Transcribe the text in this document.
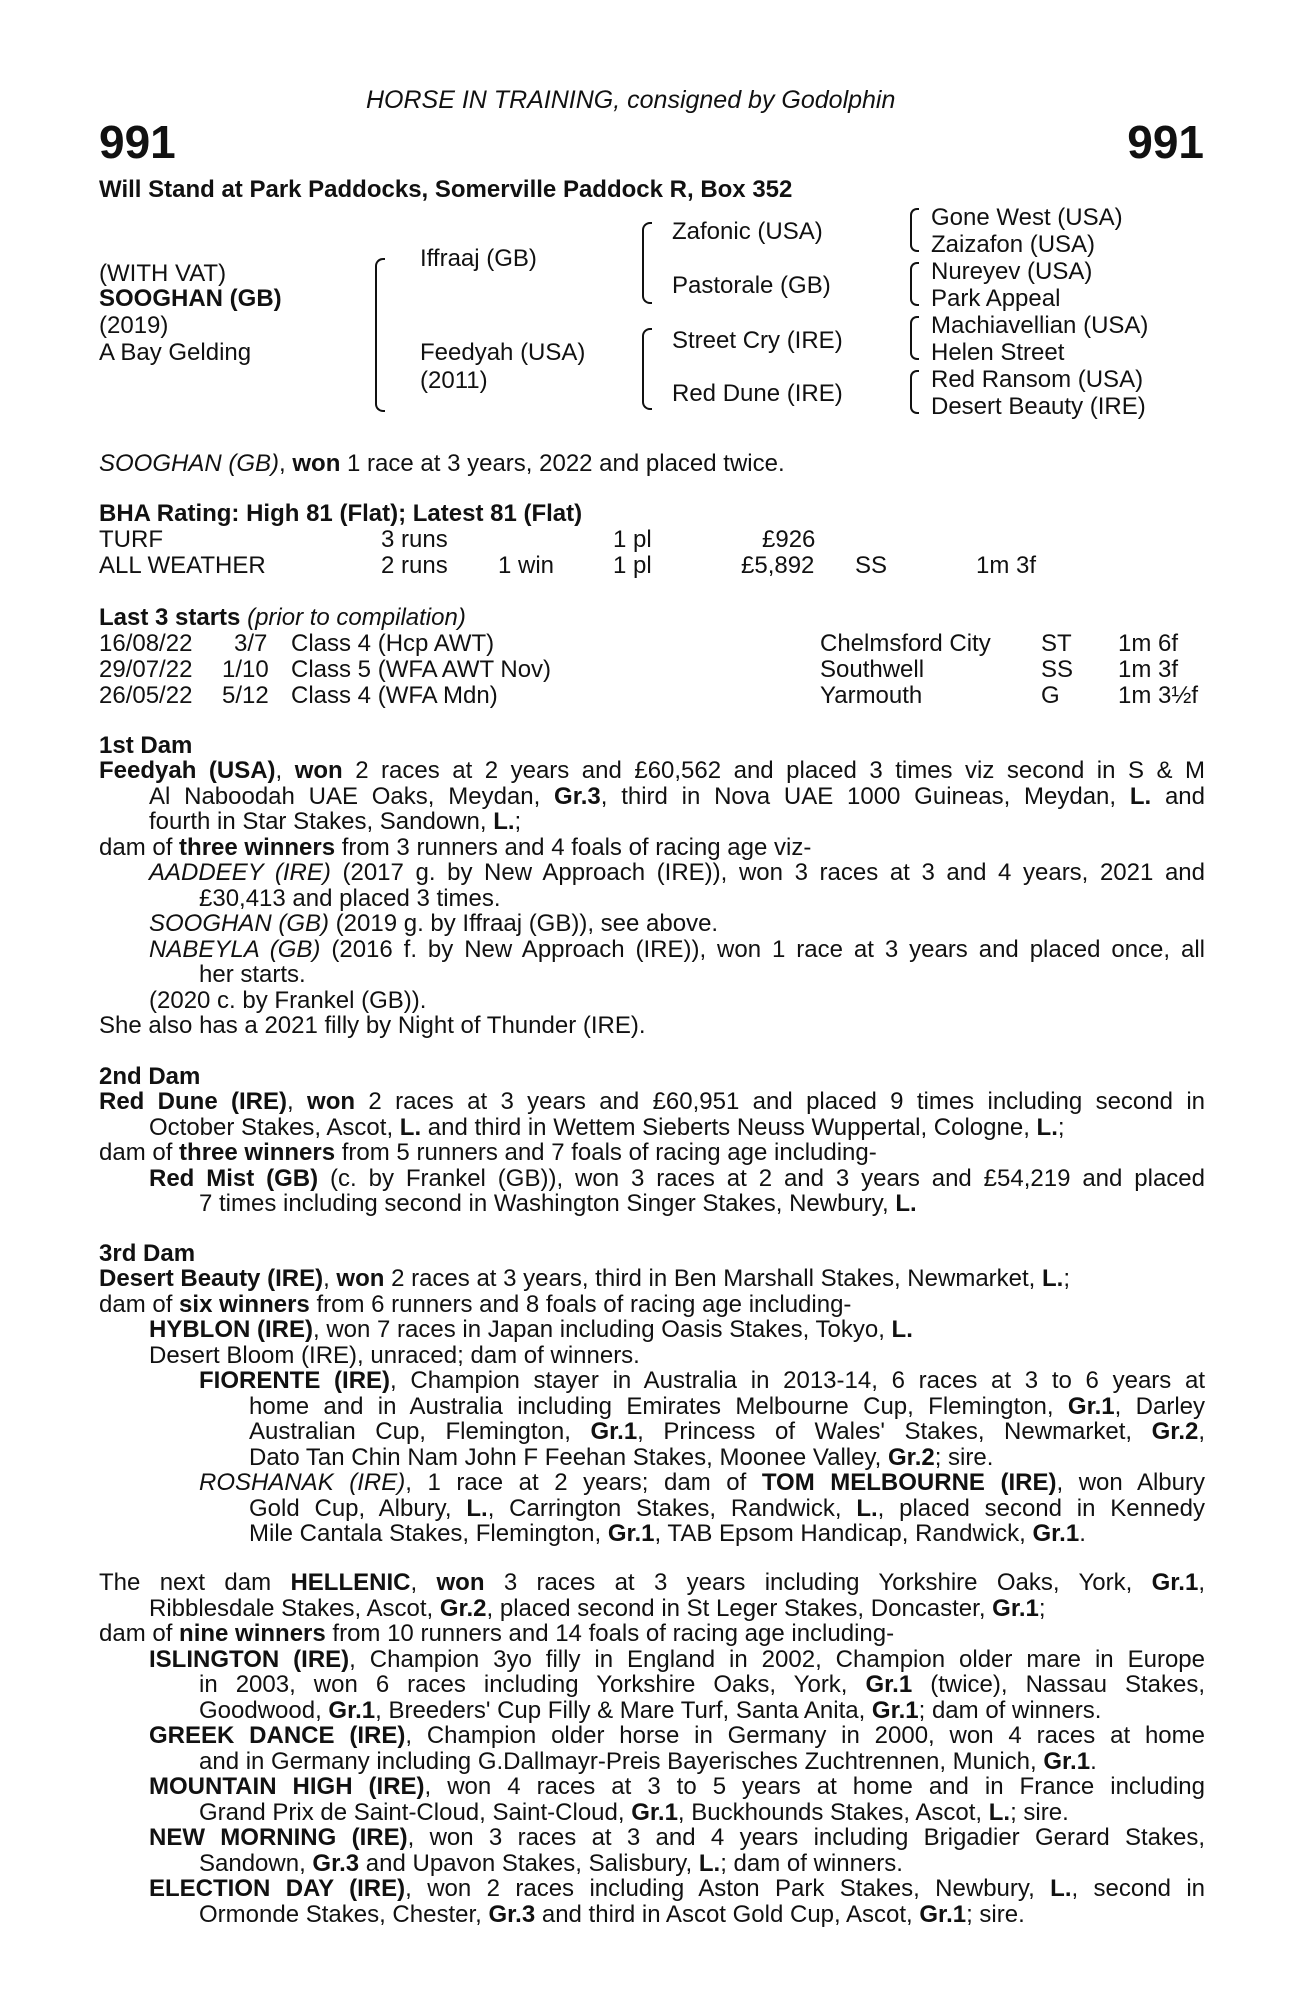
HORSE IN TRAINING, consigned by Godolphin
991	991
Will Stand at Park Paddocks, Somerville Paddock R, Box 352
(WITH VAT)
SOOGHAN (GB)
(2019)
A Bay Gelding
Iffraaj (GB)
Feedyah (USA)
(2011)
Zafonic (USA)
Pastorale (GB)
Street Cry (IRE)
Red Dune (IRE)
Gone West (USA)
Zaizafon (USA)
Nureyev (USA)
Park Appeal
Machiavellian (USA)
Helen Street
Red Ransom (USA)
Desert Beauty (IRE)
SOOGHAN (GB), won 1 race at 3 years, 2022 and placed twice.
BHA Rating: High 81 (Flat); Latest 81 (Flat)
TURF	3 runs	1 pl	£926
ALL WEATHER	2 runs 1 win 1 pl	£5,892 SS	1m 3f
Last 3 starts (prior to compilation)
16/08/22 3/7 Class 4 (Hcp AWT)	Chelmsford City ST 1m 6f
29/07/22 1/10 Class 5 (WFA AWT Nov)	Southwell	SS 1m 3f
26/05/22 5/12 Class 4 (WFA Mdn)	Yarmouth	G 1m 3½f
1st Dam
Feedyah (USA), won 2 races at 2 years and £60,562 and placed 3 times viz second in S & M
Al Naboodah UAE Oaks, Meydan, Gr.3, third in Nova UAE 1000 Guineas, Meydan, L. and
fourth in Star Stakes, Sandown, L.;
dam of three winners from 3 runners and 4 foals of racing age viz-
AADDEEY (IRE) (2017 g. by New Approach (IRE)), won 3 races at 3 and 4 years, 2021 and
£30,413 and placed 3 times.
SOOGHAN (GB) (2019 g. by Iffraaj (GB)), see above.
NABEYLA (GB) (2016 f. by New Approach (IRE)), won 1 race at 3 years and placed once, all
her starts.
(2020 c. by Frankel (GB)).
She also has a 2021 filly by Night of Thunder (IRE).
2nd Dam
Red Dune (IRE), won 2 races at 3 years and £60,951 and placed 9 times including second in
October Stakes, Ascot, L. and third in Wettem Sieberts Neuss Wuppertal, Cologne, L.;
dam of three winners from 5 runners and 7 foals of racing age including-
Red Mist (GB) (c. by Frankel (GB)), won 3 races at 2 and 3 years and £54,219 and placed
7 times including second in Washington Singer Stakes, Newbury, L.
3rd Dam
Desert Beauty (IRE), won 2 races at 3 years, third in Ben Marshall Stakes, Newmarket, L.;
dam of six winners from 6 runners and 8 foals of racing age including-
HYBLON (IRE), won 7 races in Japan including Oasis Stakes, Tokyo, L.
Desert Bloom (IRE), unraced; dam of winners.
FIORENTE (IRE), Champion stayer in Australia in 2013-14, 6 races at 3 to 6 years at
home and in Australia including Emirates Melbourne Cup, Flemington, Gr.1, Darley
Australian Cup, Flemington, Gr.1, Princess of Wales' Stakes, Newmarket, Gr.2,
Dato Tan Chin Nam John F Feehan Stakes, Moonee Valley, Gr.2; sire.
ROSHANAK (IRE), 1 race at 2 years; dam of TOM MELBOURNE (IRE), won Albury
Gold Cup, Albury, L., Carrington Stakes, Randwick, L., placed second in Kennedy
Mile Cantala Stakes, Flemington, Gr.1, TAB Epsom Handicap, Randwick, Gr.1.
The next dam HELLENIC, won 3 races at 3 years including Yorkshire Oaks, York, Gr.1,
Ribblesdale Stakes, Ascot, Gr.2, placed second in St Leger Stakes, Doncaster, Gr.1;
dam of nine winners from 10 runners and 14 foals of racing age including-
ISLINGTON (IRE), Champion 3yo filly in England in 2002, Champion older mare in Europe
in 2003, won 6 races including Yorkshire Oaks, York, Gr.1 (twice), Nassau Stakes,
Goodwood, Gr.1, Breeders' Cup Filly & Mare Turf, Santa Anita, Gr.1; dam of winners.
GREEK DANCE (IRE), Champion older horse in Germany in 2000, won 4 races at home
and in Germany including G.Dallmayr-Preis Bayerisches Zuchtrennen, Munich, Gr.1.
MOUNTAIN HIGH (IRE), won 4 races at 3 to 5 years at home and in France including
Grand Prix de Saint-Cloud, Saint-Cloud, Gr.1, Buckhounds Stakes, Ascot, L.; sire.
NEW MORNING (IRE), won 3 races at 3 and 4 years including Brigadier Gerard Stakes,
Sandown, Gr.3 and Upavon Stakes, Salisbury, L.; dam of winners.
ELECTION DAY (IRE), won 2 races including Aston Park Stakes, Newbury, L., second in
Ormonde Stakes, Chester, Gr.3 and third in Ascot Gold Cup, Ascot, Gr.1; sire.
